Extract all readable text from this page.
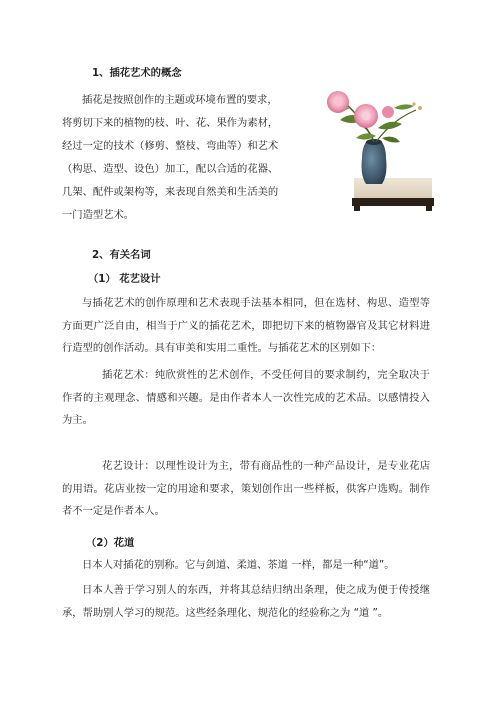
1、插花艺术的概念
插花是按照创作的主题或环境布置的要求，
将剪切下来的植物的枝、叶、花、果作为素材，
经过一定的技术（修剪、整枝、弯曲等）和艺术
（构思、造型、设色）加工，配以合适的花器、
几架、配件或架构等，来表现自然美和生活美的
一门造型艺术。
2、有关名词
（1） 花艺设计
与插花艺术的创作原理和艺术表现手法基本相同，但在选材、构思、造型等方面更广泛自由，相当于广义的插花艺术，即把切下来的植物器官及其它材料进行造型的创作活动。具有审美和实用二重性。与插花艺术的区别如下：
插花艺术：纯欣赏性的艺术创作，不受任何目的要求制约，完全取决于作者的主观理念、情感和兴趣。是由作者本人一次性完成的艺术品。以感情投入为主。
花艺设计：以理性设计为主，带有商品性的一种产品设计，是专业花店的用语。花店业按一定的用途和要求，策划创作出一些样板，供客户选购。制作者不一定是作者本人。
（2）花道
日本人对插花的别称。它与剑道、柔道、茶道 一样，都是一种“道”。
日本人善于学习别人的东西，并将其总结归纳出条理，使之成为便于传授继承，帮助别人学习的规范。这些经条理化、规范化的经验称之为 “道 ”。
